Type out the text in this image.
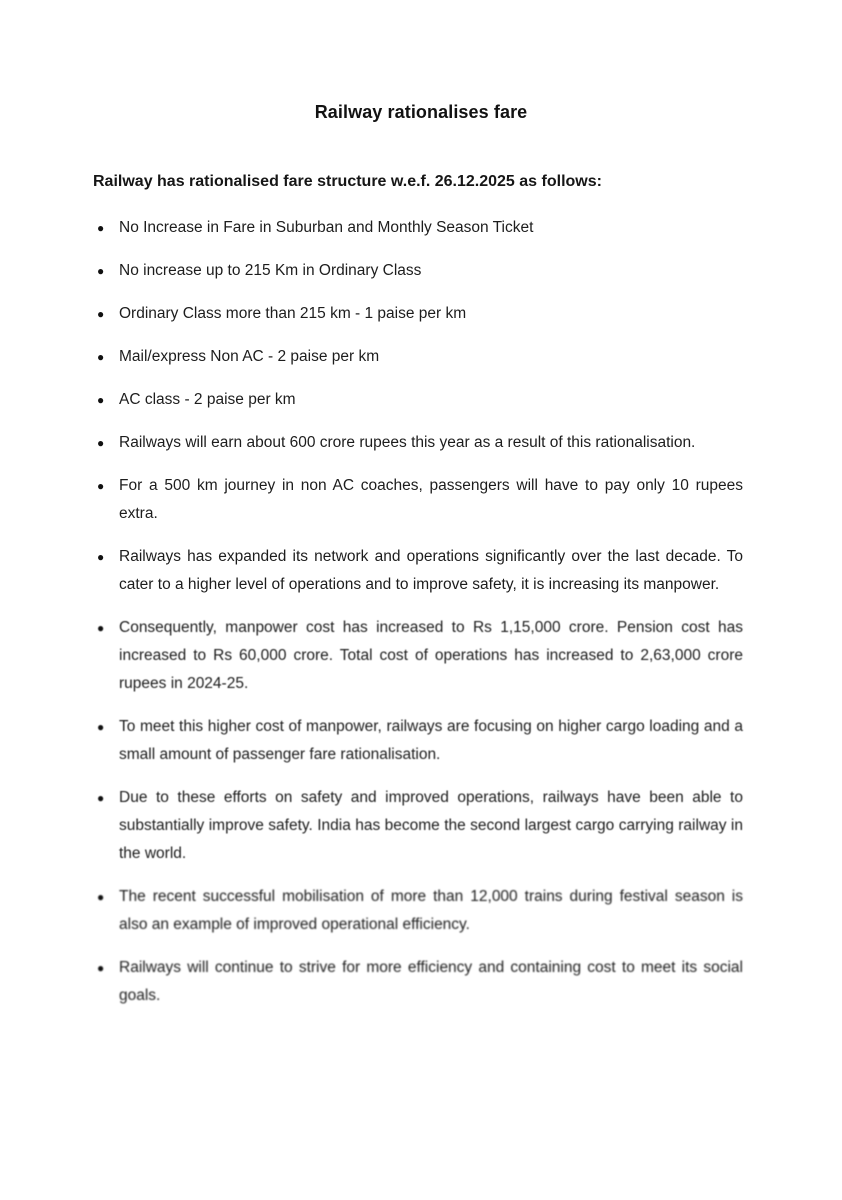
Railway rationalises fare

Railway has rationalised fare structure w.e.f. 26.12.2025 as follows:

● No Increase in Fare in Suburban and Monthly Season Ticket
● No increase up to 215 Km in Ordinary Class
● Ordinary Class more than 215 km - 1 paise per km
● Mail/express Non AC - 2 paise per km
● AC class - 2 paise per km
● Railways will earn about 600 crore rupees this year as a result of this rationalisation.
● For a 500 km journey in non AC coaches, passengers will have to pay only 10 rupees extra.
● Railways has expanded its network and operations significantly over the last decade. To cater to a higher level of operations and to improve safety, it is increasing its manpower.
● Consequently, manpower cost has increased to Rs 1,15,000 crore. Pension cost has increased to Rs 60,000 crore. Total cost of operations has increased to 2,63,000 crore rupees in 2024-25.
● To meet this higher cost of manpower, railways are focusing on higher cargo loading and a small amount of passenger fare rationalisation.
● Due to these efforts on safety and improved operations, railways have been able to substantially improve safety. India has become the second largest cargo carrying railway in the world.
● The recent successful mobilisation of more than 12,000 trains during festival season is also an example of improved operational efficiency.
● Railways will continue to strive for more efficiency and containing cost to meet its social goals.
